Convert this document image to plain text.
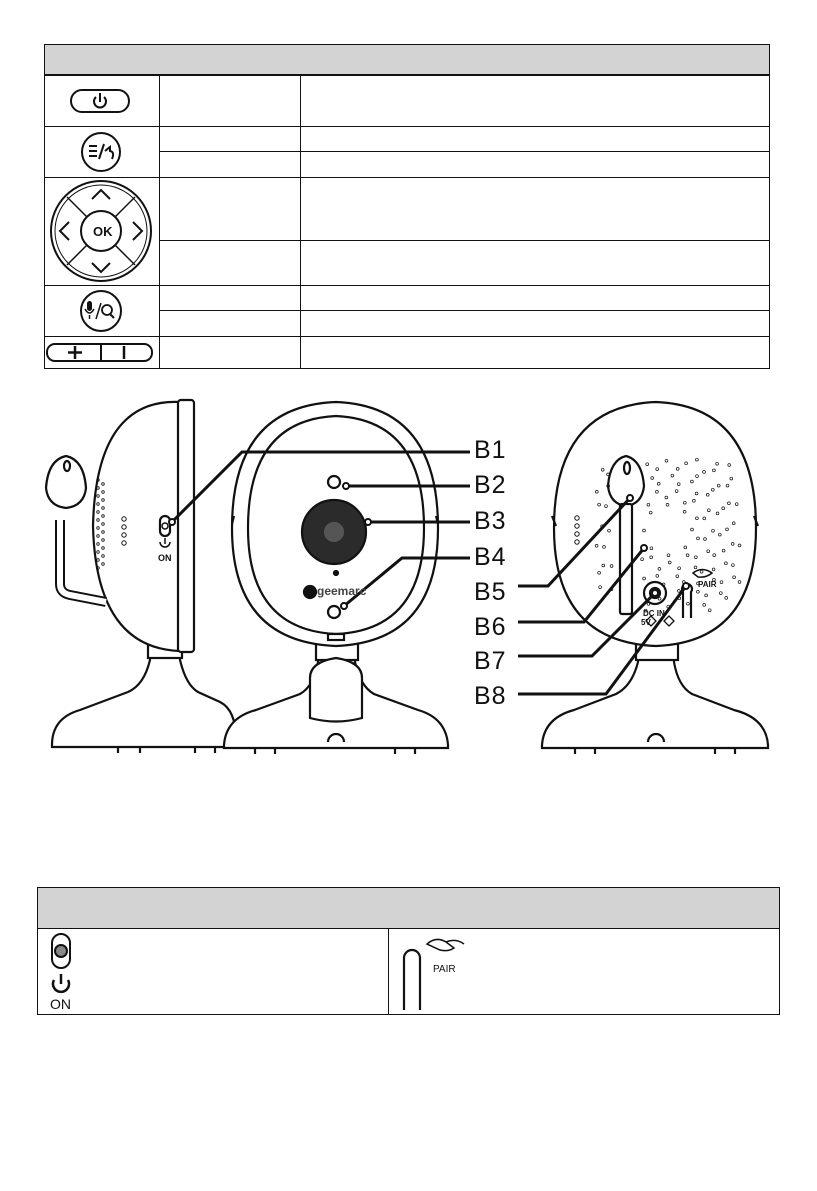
OK
B1
B2
B3
B4
B5
B6
B7
B8
ON
geemarc
DC IN
5V
PAIR
ON
PAIR
